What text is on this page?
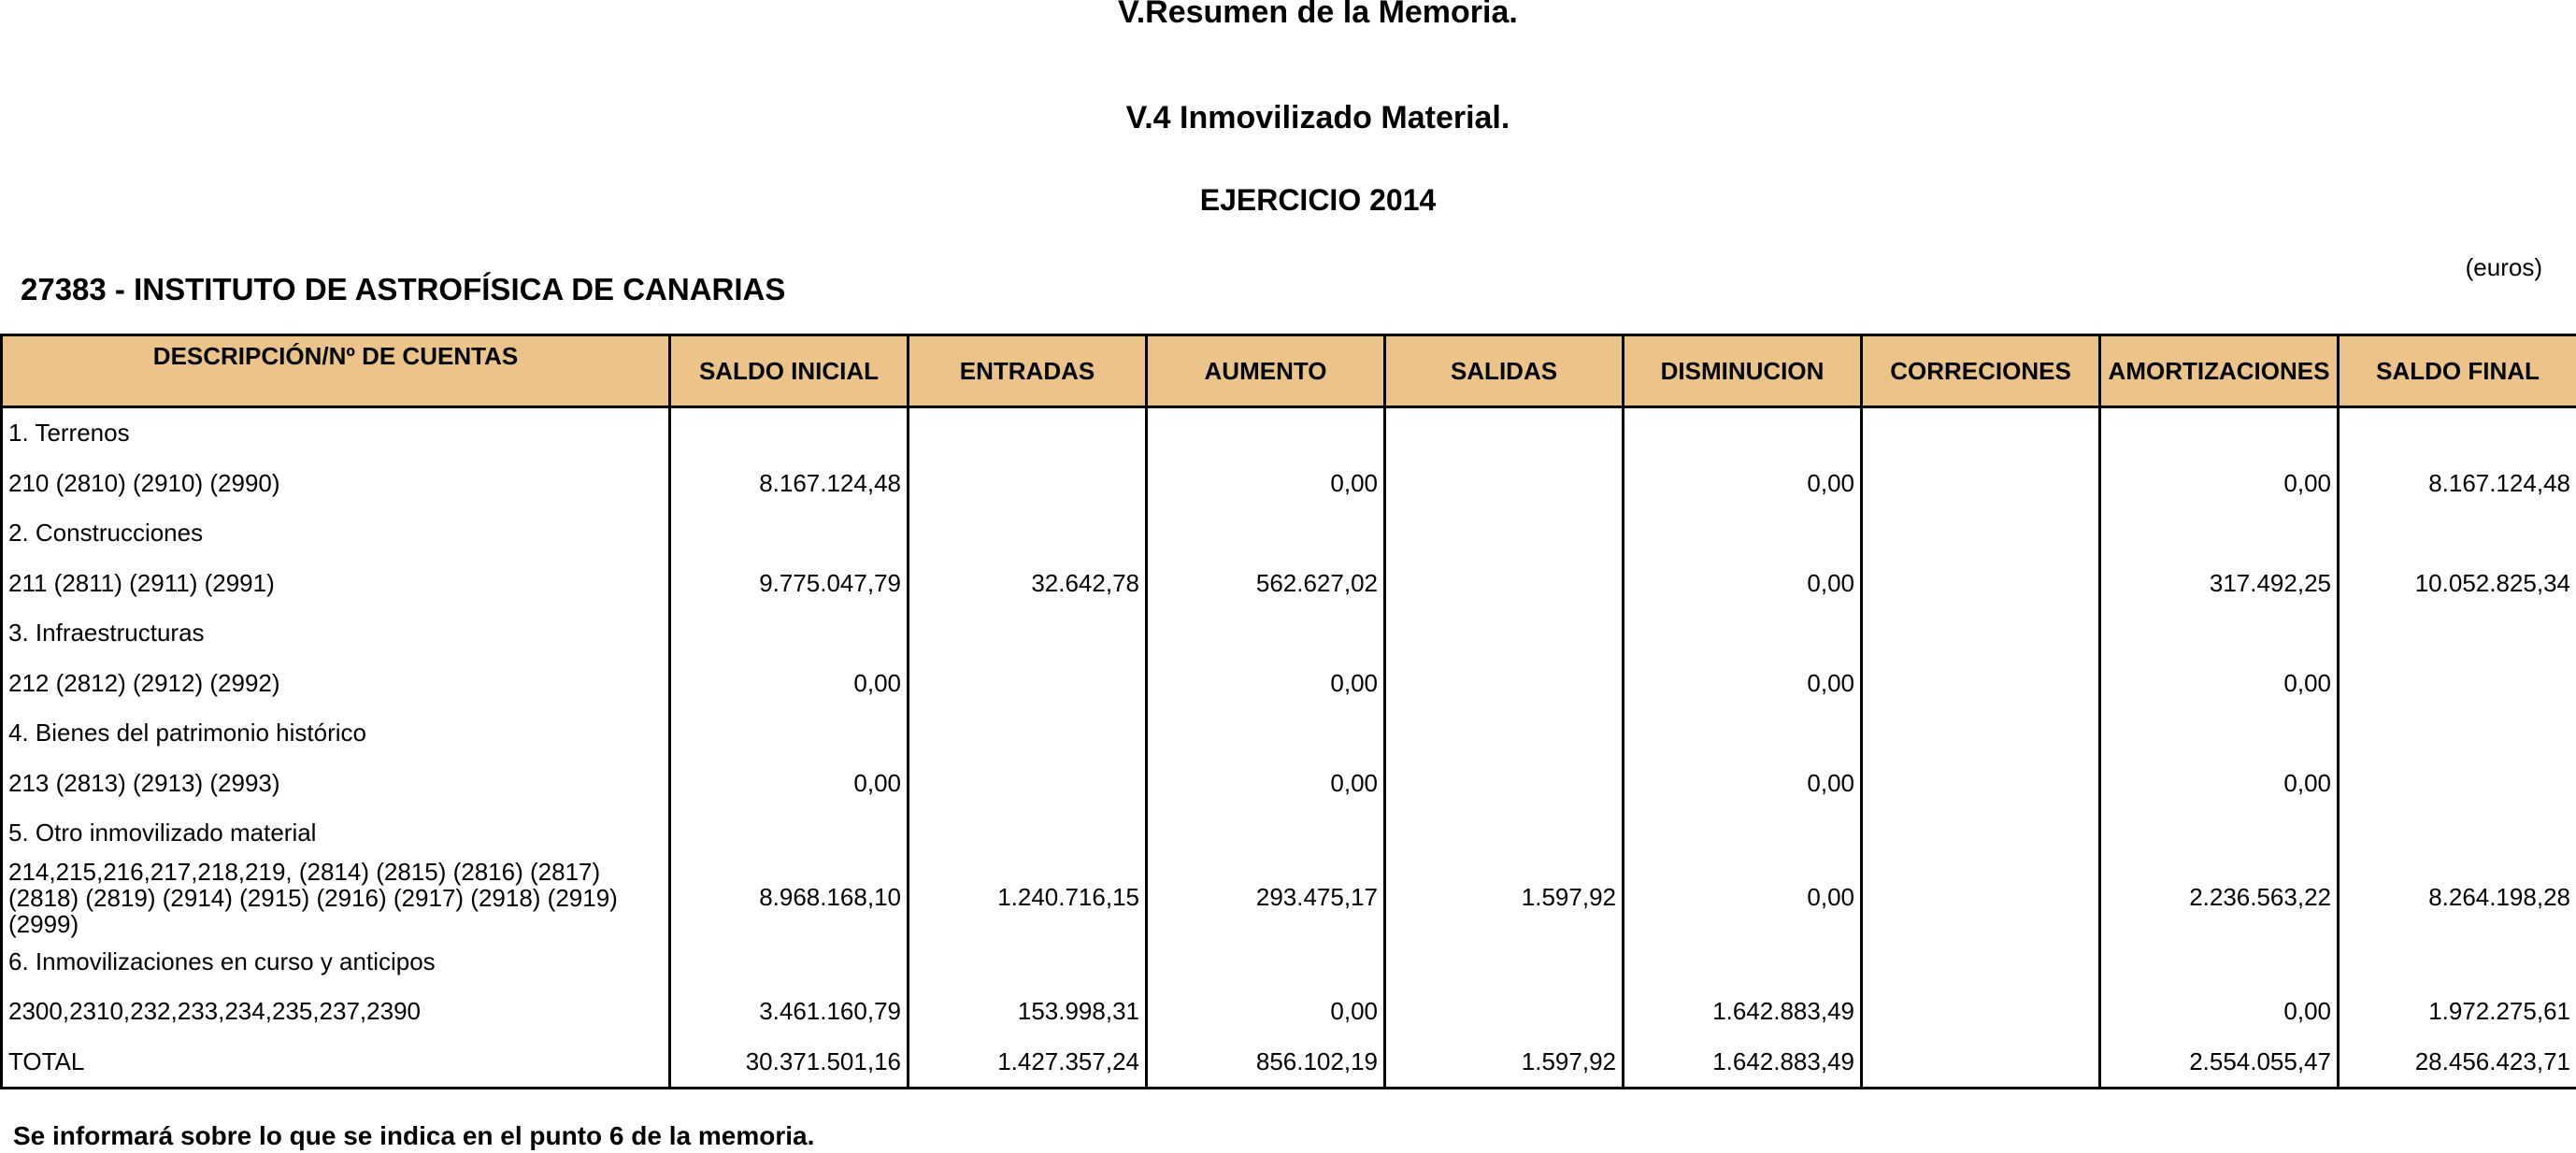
V.Resumen de la Memoria.
V.4 Inmovilizado Material.
EJERCICIO 2014
(euros)
27383 - INSTITUTO DE ASTROFÍSICA DE CANARIAS
DESCRIPCIÓN/Nº DE CUENTAS	SALDO INICIAL	ENTRADAS	AUMENTO	SALIDAS	DISMINUCION	CORRECIONES	AMORTIZACIONES	SALDO FINAL
1. Terrenos								
210 (2810) (2910) (2990)	8.167.124,48		0,00		0,00		0,00	8.167.124,48
2. Construcciones								
211 (2811) (2911) (2991)	9.775.047,79	32.642,78	562.627,02		0,00		317.492,25	10.052.825,34
3. Infraestructuras								
212 (2812) (2912) (2992)	0,00		0,00		0,00		0,00	
4. Bienes del patrimonio histórico								
213 (2813) (2913) (2993)	0,00		0,00		0,00		0,00	
5. Otro inmovilizado material								
214,215,216,217,218,219, (2814) (2815) (2816) (2817) (2818) (2819) (2914) (2915) (2916) (2917) (2918) (2919) (2999)	8.968.168,10	1.240.716,15	293.475,17	1.597,92	0,00		2.236.563,22	8.264.198,28
6. Inmovilizaciones en curso y anticipos								
2300,2310,232,233,234,235,237,2390	3.461.160,79	153.998,31	0,00		1.642.883,49		0,00	1.972.275,61
TOTAL	30.371.501,16	1.427.357,24	856.102,19	1.597,92	1.642.883,49		2.554.055,47	28.456.423,71
Se informará sobre lo que se indica en el punto 6 de la memoria.
